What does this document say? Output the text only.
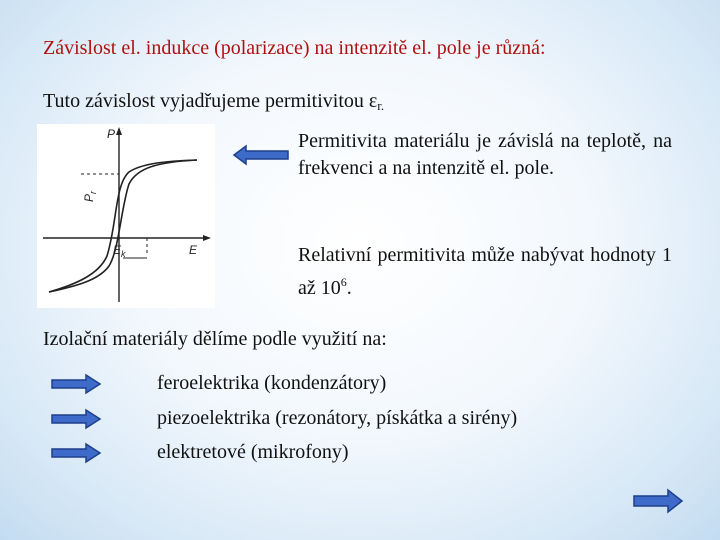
Závislost el. indukce (polarizace) na intenzitě el. pole je různá:
Tuto závislost vyjadřujeme permitivitou $\varepsilon_{r.}$
P
$P_r$
E
$E_k$
Permitivita materiálu je závislá na teplotě, na frekvenci a na intenzitě el. pole.
Relativní permitivita může nabývat hodnoty 1 až $10^6$.
Izolační materiály dělíme podle využití na:
feroelektrika (kondenzátory)
piezoelektrika (rezonátory, pískátka a sirény)
elektretové (mikrofony)
